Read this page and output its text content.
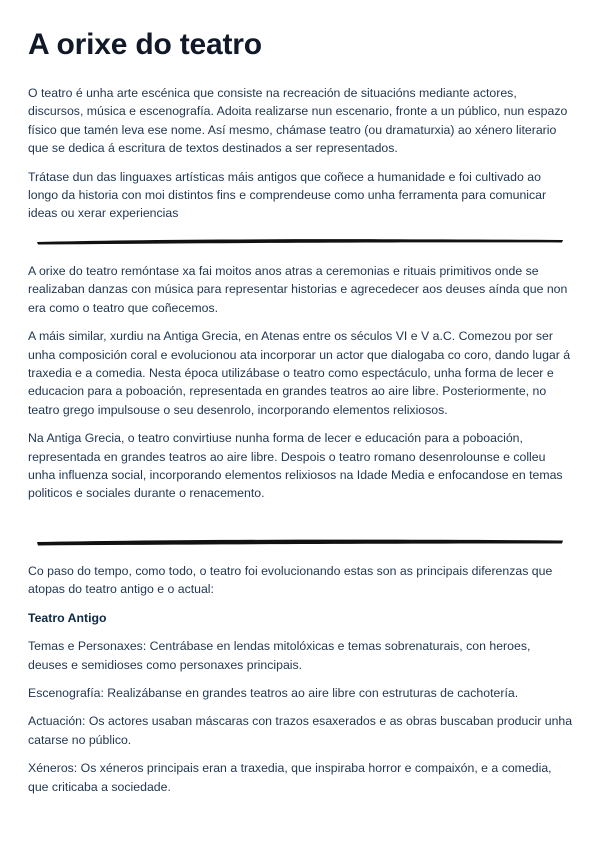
A orixe do teatro

O teatro é unha arte escénica que consiste na recreación de situacións mediante actores, discursos, música e escenografía. Adoita realizarse nun escenario, fronte a un público, nun espazo físico que tamén leva ese nome. Así mesmo, chámase teatro (ou dramaturxia) ao xénero literario que se dedica á escritura de textos destinados a ser representados.

Trátase dun das linguaxes artísticas máis antigos que coñece a humanidade e foi cultivado ao longo da historia con moi distintos fins e comprendeuse como unha ferramenta para comunicar ideas ou xerar experiencias

A orixe do teatro remóntase xa fai moitos anos atras a ceremonias e rituais primitivos onde se realizaban danzas con música para representar historias e agrecedecer aos deuses aínda que non era como o teatro que coñecemos.

A máis similar, xurdiu na Antiga Grecia, en Atenas entre os séculos VI e V a.C. Comezou por ser unha composición coral e evolucionou ata incorporar un actor que dialogaba co coro, dando lugar á traxedia e a comedia. Nesta época utilizábase o teatro como espectáculo, unha forma de lecer e educacion para a poboación, representada en grandes teatros ao aire libre. Posteriormente, no teatro grego impulsouse o seu desenrolo, incorporando elementos relixiosos.

Na Antiga Grecia, o teatro convirtiuse nunha forma de lecer e educación para a poboación, representada en grandes teatros ao aire libre. Despois o teatro romano desenrolounse e colleu unha influenza social, incorporando elementos relixiosos na Idade Media e enfocandose en temas politicos e sociales durante o renacemento.

Co paso do tempo, como todo, o teatro foi evolucionando estas son as principais diferenzas que atopas do teatro antigo e o actual:

Teatro Antigo

Temas e Personaxes: Centrábase en lendas mitolóxicas e temas sobrenaturais, con heroes, deuses e semidioses como personaxes principais.

Escenografía: Realizábanse en grandes teatros ao aire libre con estruturas de cachotería.

Actuación: Os actores usaban máscaras con trazos esaxerados e as obras buscaban producir unha catarse no público.

Xéneros: Os xéneros principais eran a traxedia, que inspiraba horror e compaixón, e a comedia, que criticaba a sociedade.
